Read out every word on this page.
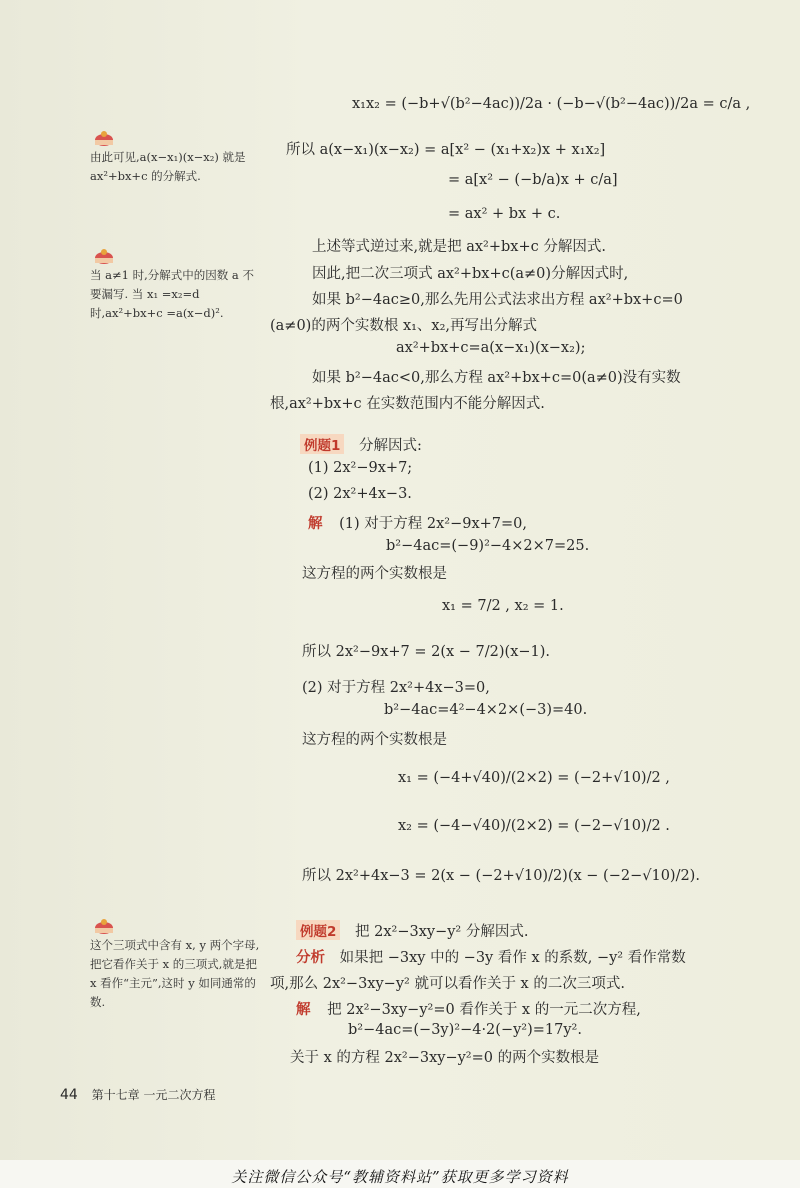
由此可见,a(x−x₁)(x−x₂) 就是 ax²+bx+c 的分解式.
当 a≠1 时,分解式中的因数 a 不要漏写. 当 x₁ =x₂=d 时,ax²+bx+c =a(x−d)².
这个三项式中含有 x, y 两个字母,把它看作关于 x 的三项式,就是把 x 看作“主元”,这时 y 如同通常的数.
x₁x₂ = (−b+√(b²−4ac))/2a · (−b−√(b²−4ac))/2a = c/a ,
所以 a(x−x₁)(x−x₂) = a[x² − (x₁+x₂)x + x₁x₂]
= a[x² − (−b/a)x + c/a]
= ax² + bx + c.
上述等式逆过来,就是把 ax²+bx+c 分解因式.
因此,把二次三项式 ax²+bx+c(a≠0)分解因式时,
如果 b²−4ac≥0,那么先用公式法求出方程 ax²+bx+c=0
(a≠0)的两个实数根 x₁、x₂,再写出分解式
ax²+bx+c=a(x−x₁)(x−x₂);
如果 b²−4ac<0,那么方程 ax²+bx+c=0(a≠0)没有实数
根,ax²+bx+c 在实数范围内不能分解因式.
例题1 分解因式:
(1) 2x²−9x+7;
(2) 2x²+4x−3.
解 (1) 对于方程 2x²−9x+7=0,
b²−4ac=(−9)²−4×2×7=25.
这方程的两个实数根是
x₁ = 7/2 , x₂ = 1.
所以 2x²−9x+7 = 2(x − 7/2)(x−1).
(2) 对于方程 2x²+4x−3=0,
b²−4ac=4²−4×2×(−3)=40.
这方程的两个实数根是
x₁ = (−4+√40)/(2×2) = (−2+√10)/2 ,
x₂ = (−4−√40)/(2×2) = (−2−√10)/2 .
所以 2x²+4x−3 = 2(x − (−2+√10)/2)(x − (−2−√10)/2).
例题2 把 2x²−3xy−y² 分解因式.
分析 如果把 −3xy 中的 −3y 看作 x 的系数, −y² 看作常数
项,那么 2x²−3xy−y² 就可以看作关于 x 的二次三项式.
解 把 2x²−3xy−y²=0 看作关于 x 的一元二次方程,
b²−4ac=(−3y)²−4·2(−y²)=17y².
关于 x 的方程 2x²−3xy−y²=0 的两个实数根是
44 第十七章 一元二次方程
关注微信公众号“教辅资料站”获取更多学习资料
